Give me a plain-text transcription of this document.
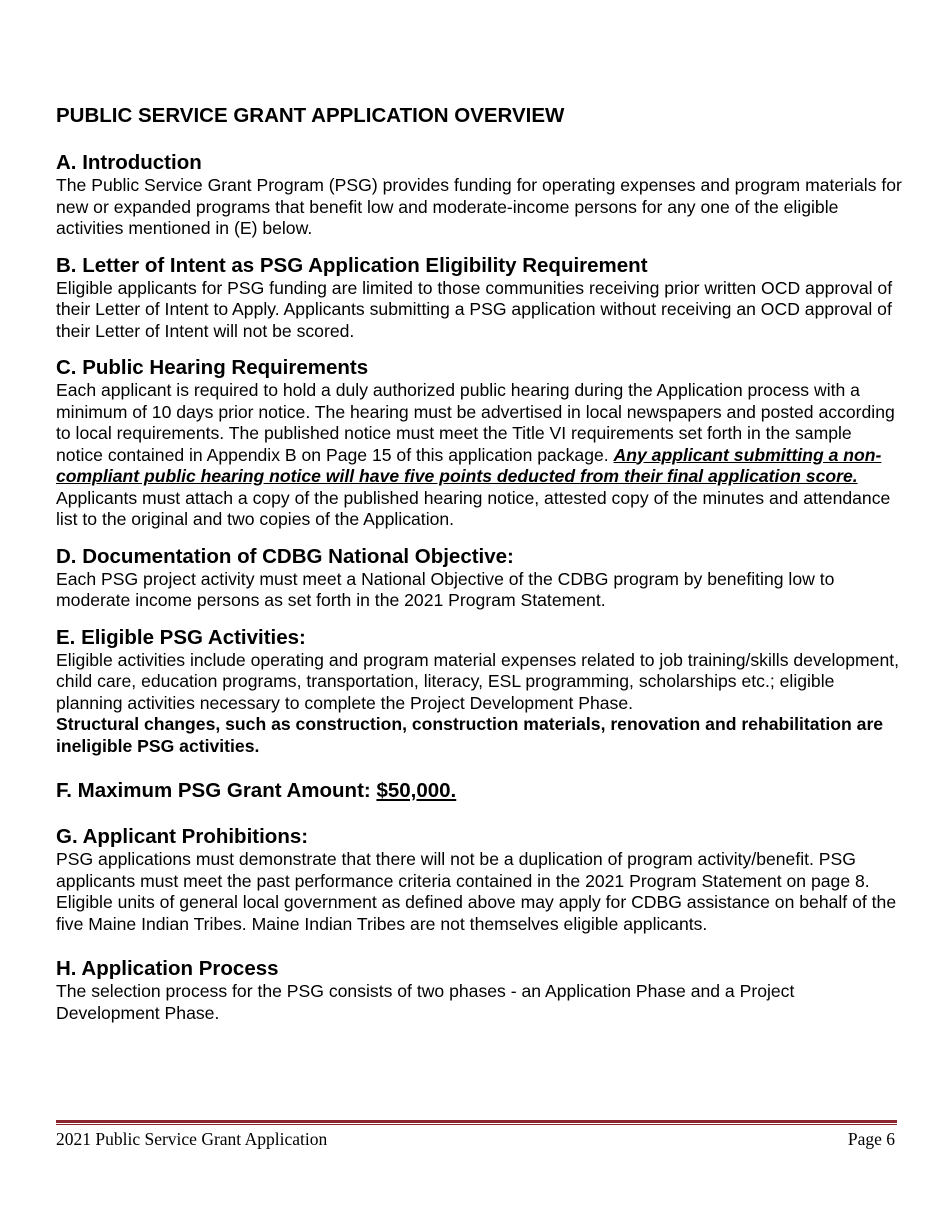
PUBLIC SERVICE GRANT APPLICATION OVERVIEW
A. Introduction

The Public Service Grant Program (PSG) provides funding for operating expenses and program materials for new or expanded programs that benefit low and moderate-income persons for any one of the eligible activities mentioned in (E) below.

B. Letter of Intent as PSG Application Eligibility Requirement

Eligible applicants for PSG funding are limited to those communities receiving prior written OCD approval of their Letter of Intent to Apply. Applicants submitting a PSG application without receiving an OCD approval of their Letter of Intent will not be scored.

C. Public Hearing Requirements

Each applicant is required to hold a duly authorized public hearing during the Application process with a minimum of 10 days prior notice. The hearing must be advertised in local newspapers and posted according to local requirements. The published notice must meet the Title VI requirements set forth in the sample notice contained in Appendix B on Page 15 of this application package. Any applicant submitting a non-compliant public hearing notice will have five points deducted from their final application score.  Applicants must attach a copy of the published hearing notice, attested copy of the minutes and attendance list to the original and two copies of the Application.

D. Documentation of CDBG National Objective:

Each PSG project activity must meet a National Objective of the CDBG program by benefiting low to moderate income persons as set forth in the 2021 Program Statement.

E. Eligible PSG Activities:

Eligible activities include operating and program material expenses related to job training/skills development, child care, education programs, transportation, literacy, ESL programming, scholarships etc.; eligible planning activities necessary to complete the Project Development Phase.
Structural changes, such as construction, construction materials, renovation and rehabilitation are ineligible PSG activities.

F. Maximum PSG Grant Amount: $50,000.
G. Applicant Prohibitions:

PSG applications must demonstrate that there will not be a duplication of program activity/benefit. PSG applicants must meet the past performance criteria contained in the 2021 Program Statement on page 8. Eligible units of general local government as defined above may apply for CDBG assistance on behalf of the five Maine Indian Tribes. Maine Indian Tribes are not themselves eligible applicants.

H. Application Process

The selection process for the PSG consists of two phases - an Application Phase and a Project Development Phase.

2021 Public Service Grant Application	Page 6
